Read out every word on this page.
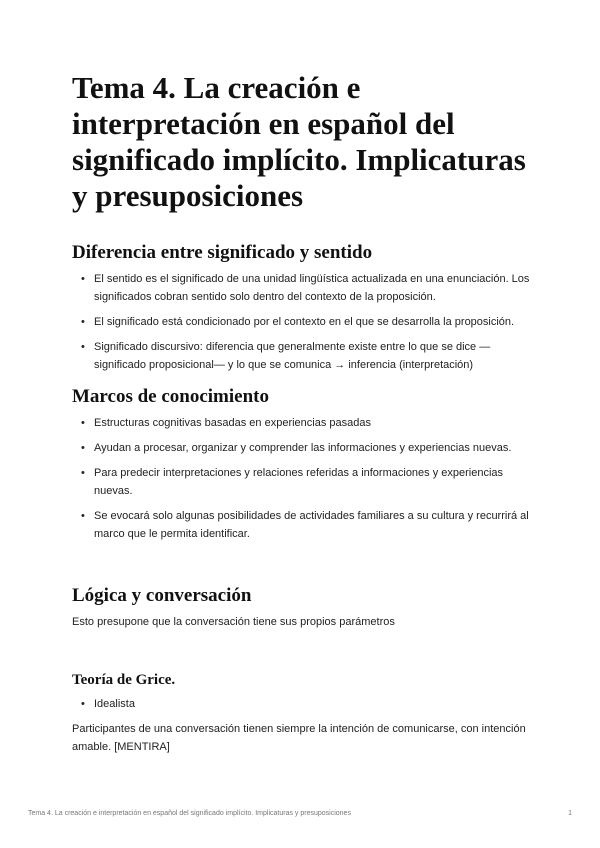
Tema 4. La creación e interpretación en español del significado implícito. Implicaturas y presuposiciones
Diferencia entre significado y sentido
• El sentido es el significado de una unidad lingüística actualizada en una enunciación. Los significados cobran sentido solo dentro del contexto de la proposición.
• El significado está condicionado por el contexto en el que se desarrolla la proposición.
• Significado discursivo: diferencia que generalmente existe entre lo que se dice —significado proposicional— y lo que se comunica → inferencia (interpretación)
Marcos de conocimiento
• Estructuras cognitivas basadas en experiencias pasadas
• Ayudan a procesar, organizar y comprender las informaciones y experiencias nuevas.
• Para predecir interpretaciones y relaciones referidas a informaciones y experiencias nuevas.
• Se evocará solo algunas posibilidades de actividades familiares a su cultura y recurrirá al marco que le permita identificar.
Lógica y conversación

Esto presupone que la conversación tiene sus propios parámetros

Teoría de Grice.
• Idealista

Participantes de una conversación tienen siempre la intención de comunicarse, con intención amable. [MENTIRA]

Tema 4. La creación e interpretación en español del significado implícito. Implicaturas y presuposiciones	1
